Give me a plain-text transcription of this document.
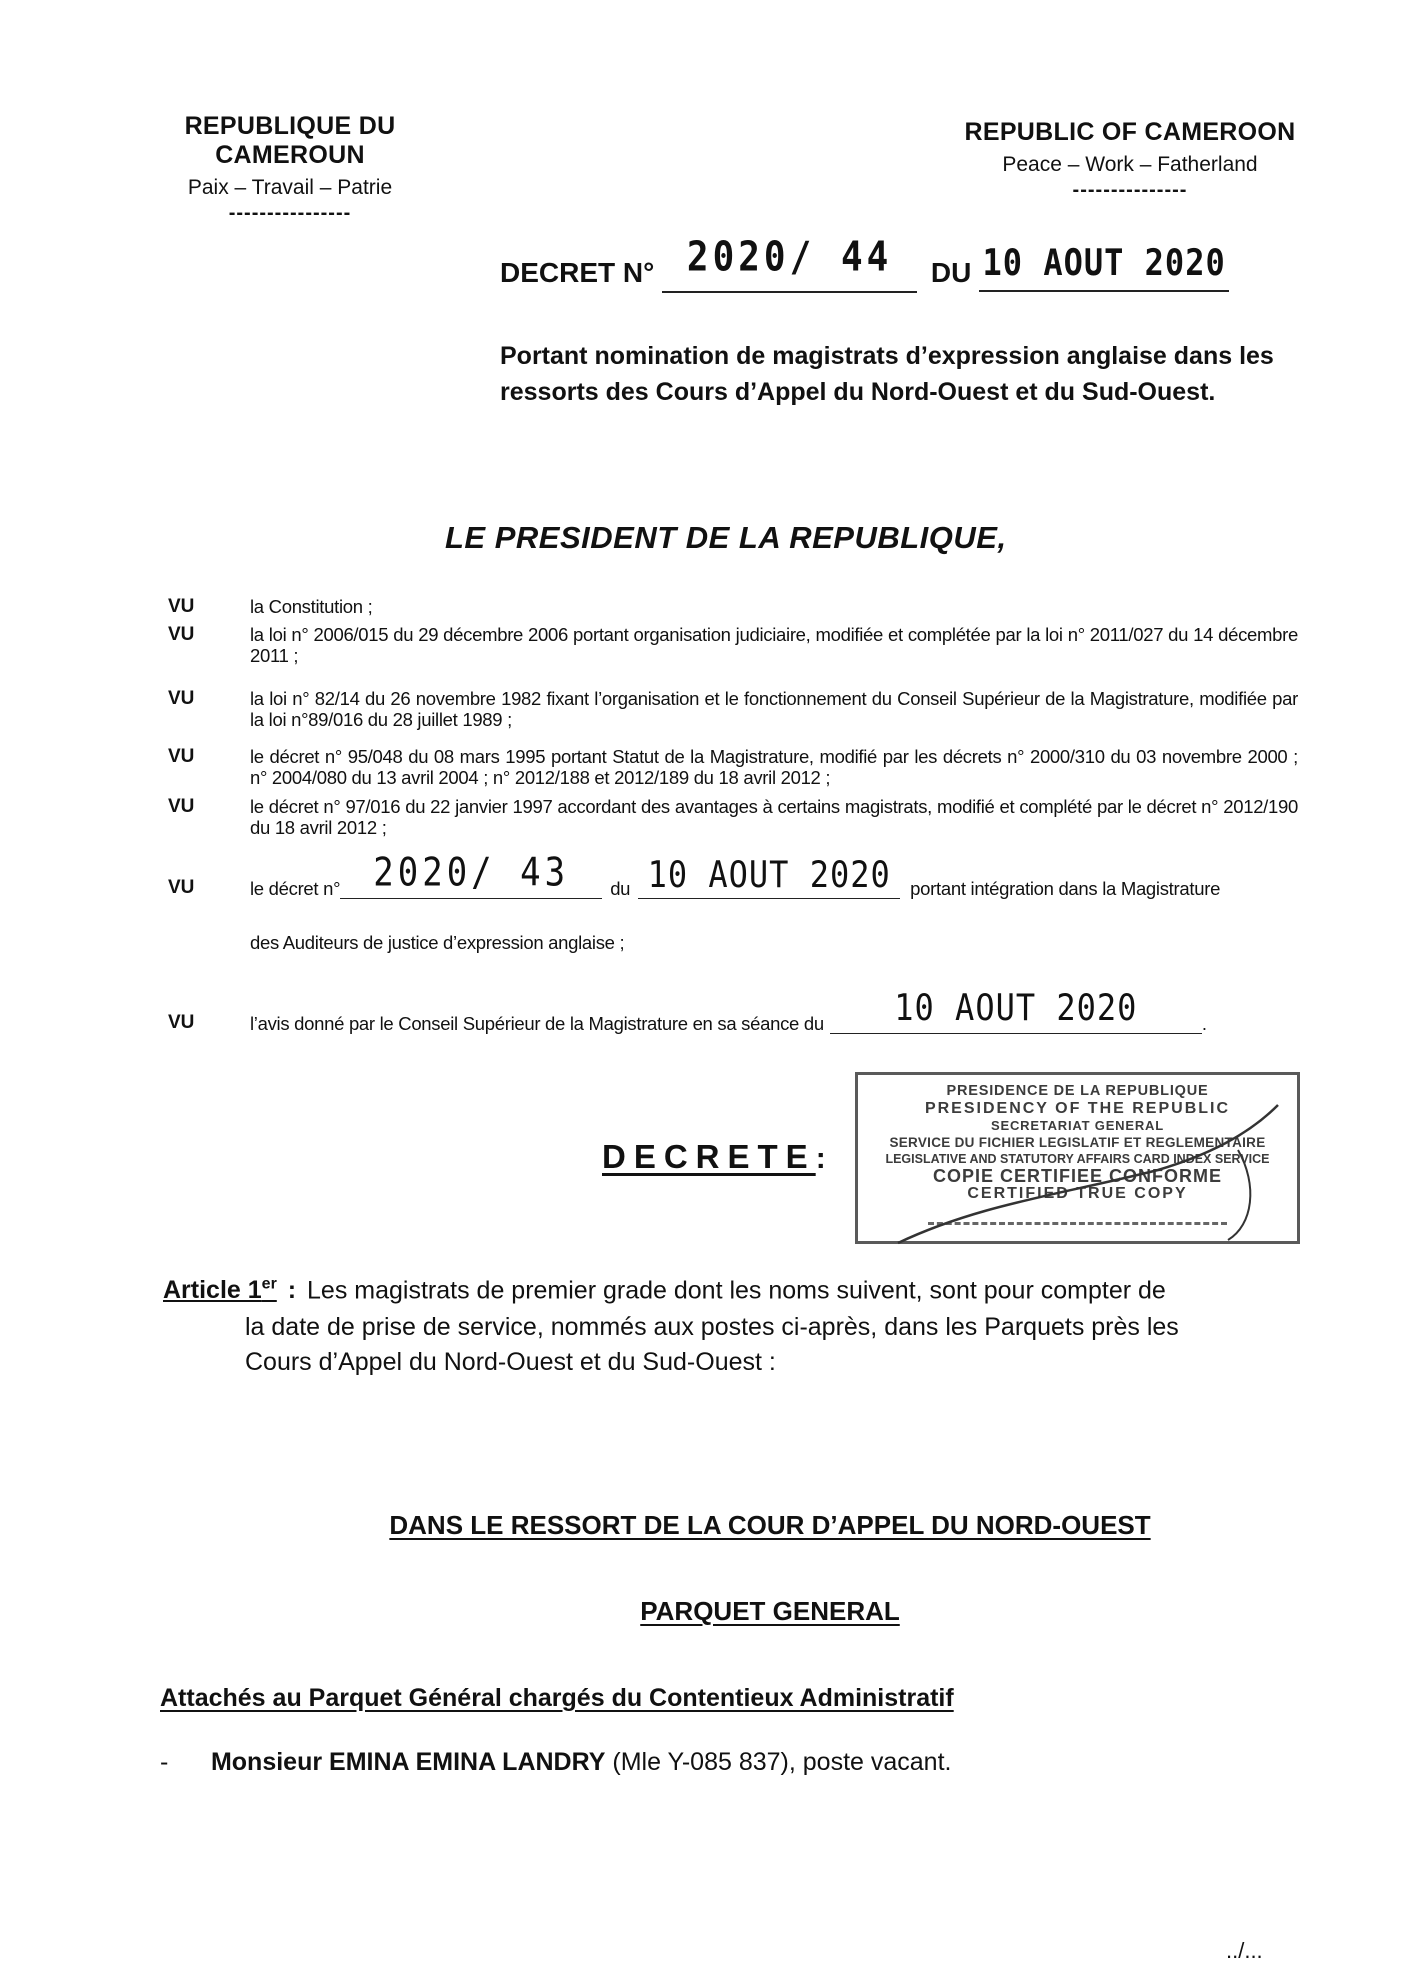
REPUBLIQUE DU CAMEROUN
Paix – Travail – Patrie
----------------
REPUBLIC OF CAMEROON
Peace – Work – Fatherland
---------------
DECRET N° 2020/ 44 DU 10 AOUT 2020
Portant nomination de magistrats d’expression anglaise dans les ressorts des Cours d’Appel du Nord-Ouest et du Sud-Ouest.
LE PRESIDENT DE LA REPUBLIQUE,
VU	la Constitution ;
VU	la loi n° 2006/015 du 29 décembre 2006 portant organisation judiciaire, modifiée et complétée par la loi n° 2011/027 du 14 décembre 2011 ;
VU	la loi n° 82/14 du 26 novembre 1982 fixant l’organisation et le fonctionnement du Conseil Supérieur de la Magistrature, modifiée par la loi n°89/016 du 28 juillet 1989 ;
VU	le décret n° 95/048 du 08 mars 1995 portant Statut de la Magistrature, modifié par les décrets n° 2000/310 du 03 novembre 2000 ; n° 2004/080 du 13 avril 2004 ; n° 2012/188 et 2012/189 du 18 avril 2012 ;
VU	le décret n° 97/016 du 22 janvier 1997 accordant des avantages à certains magistrats, modifié et complété par le décret n° 2012/190 du 18 avril 2012 ;
VU	le décret n° 2020/ 43	du 10 AOUT 2020	portant intégration dans la Magistrature
des Auditeurs de justice d’expression anglaise ;
VU	l’avis donné par le Conseil Supérieur de la Magistrature en sa séance du	10 AOUT 2020	.
DECRETE:
PRESIDENCE DE LA REPUBLIQUE
PRESIDENCY OF THE REPUBLIC
SECRETARIAT GENERAL
SERVICE DU FICHIER LEGISLATIF ET REGLEMENTAIRE
LEGISLATIVE AND STATUTORY AFFAIRS CARD INDEX SERVICE
COPIE CERTIFIEE CONFORME
CERTIFIED TRUE COPY
Article 1er : Les magistrats de premier grade dont les noms suivent, sont pour compter de
la date de prise de service, nommés aux postes ci-après, dans les Parquets près les
Cours d’Appel du Nord-Ouest et du Sud-Ouest :
DANS LE RESSORT DE LA COUR D’APPEL DU NORD-OUEST
PARQUET GENERAL
Attachés au Parquet Général chargés du Contentieux Administratif
- Monsieur EMINA EMINA LANDRY (Mle Y-085 837), poste vacant.
../...
